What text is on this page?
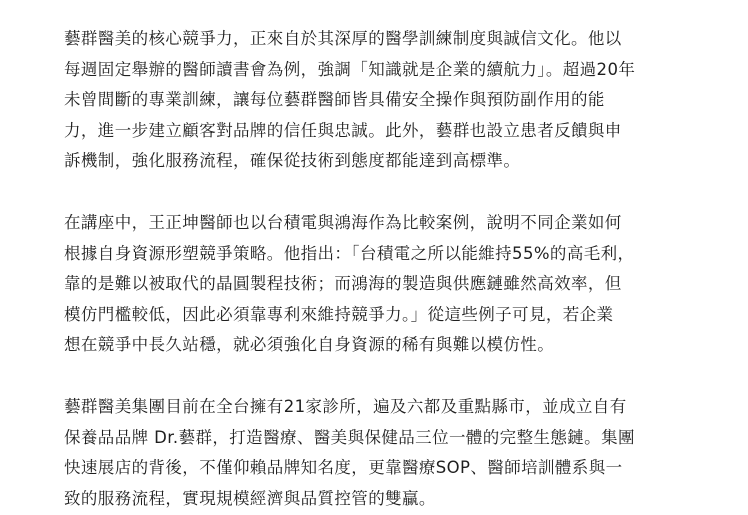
藝群醫美的核心競爭力，正來自於其深厚的醫學訓練制度與誠信文化。他以
每週固定舉辦的醫師讀書會為例，強調「知識就是企業的續航力」。超過20年
未曾間斷的專業訓練，讓每位藝群醫師皆具備安全操作與預防副作用的能
力，進一步建立顧客對品牌的信任與忠誠。此外，藝群也設立患者反饋與申
訴機制，強化服務流程，確保從技術到態度都能達到高標準。

在講座中，王正坤醫師也以台積電與鴻海作為比較案例，說明不同企業如何
根據自身資源形塑競爭策略。他指出：「台積電之所以能維持55%的高毛利，
靠的是難以被取代的晶圓製程技術；而鴻海的製造與供應鏈雖然高效率，但
模仿門檻較低，因此必須靠專利來維持競爭力。」從這些例子可見，若企業
想在競爭中長久站穩，就必須強化自身資源的稀有與難以模仿性。

藝群醫美集團目前在全台擁有21家診所，遍及六都及重點縣市，並成立自有
保養品品牌 Dr.藝群，打造醫療、醫美與保健品三位一體的完整生態鏈。集團
快速展店的背後，不僅仰賴品牌知名度，更靠醫療SOP、醫師培訓體系與一
致的服務流程，實現規模經濟與品質控管的雙贏。
